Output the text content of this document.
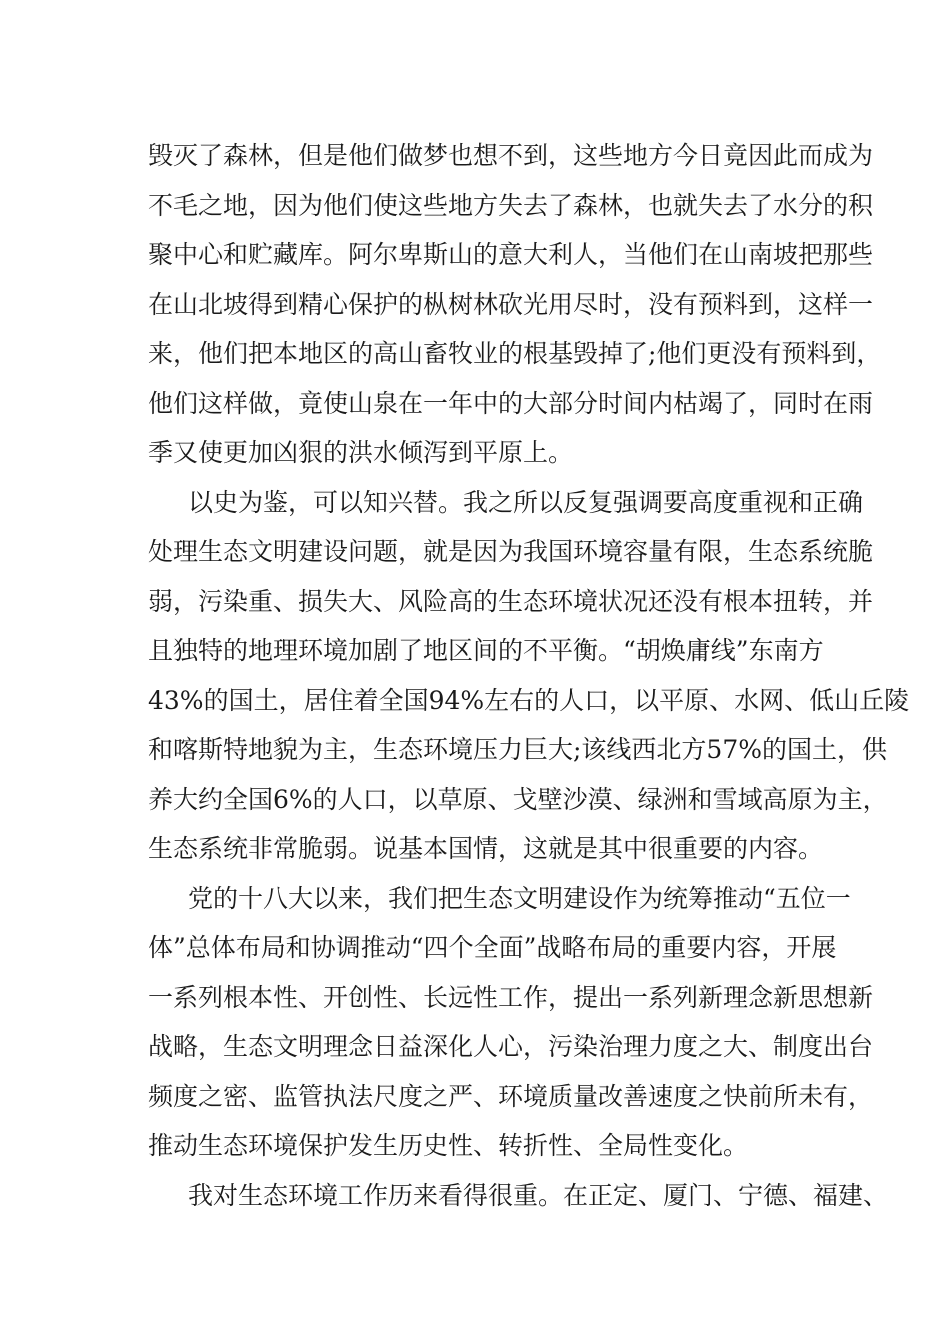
毁灭了森林，但是他们做梦也想不到，这些地方今日竟因此而成为
不毛之地，因为他们使这些地方失去了森林，也就失去了水分的积
聚中心和贮藏库。阿尔卑斯山的意大利人，当他们在山南坡把那些
在山北坡得到精心保护的枞树林砍光用尽时，没有预料到，这样一
来，他们把本地区的高山畜牧业的根基毁掉了;他们更没有预料到，
他们这样做，竟使山泉在一年中的大部分时间内枯竭了，同时在雨
季又使更加凶狠的洪水倾泻到平原上。
以史为鉴，可以知兴替。我之所以反复强调要高度重视和正确
处理生态文明建设问题，就是因为我国环境容量有限，生态系统脆
弱，污染重、损失大、风险高的生态环境状况还没有根本扭转，并
且独特的地理环境加剧了地区间的不平衡。“胡焕庸线”东南方
43%的国土，居住着全国94%左右的人口，以平原、水网、低山丘陵
和喀斯特地貌为主，生态环境压力巨大;该线西北方57%的国土，供
养大约全国6%的人口，以草原、戈壁沙漠、绿洲和雪域高原为主，
生态系统非常脆弱。说基本国情，这就是其中很重要的内容。
党的十八大以来，我们把生态文明建设作为统筹推动“五位一
体”总体布局和协调推动“四个全面”战略布局的重要内容，开展
一系列根本性、开创性、长远性工作，提出一系列新理念新思想新
战略，生态文明理念日益深化人心，污染治理力度之大、制度出台
频度之密、监管执法尺度之严、环境质量改善速度之快前所未有，
推动生态环境保护发生历史性、转折性、全局性变化。
我对生态环境工作历来看得很重。在正定、厦门、宁德、福建、
